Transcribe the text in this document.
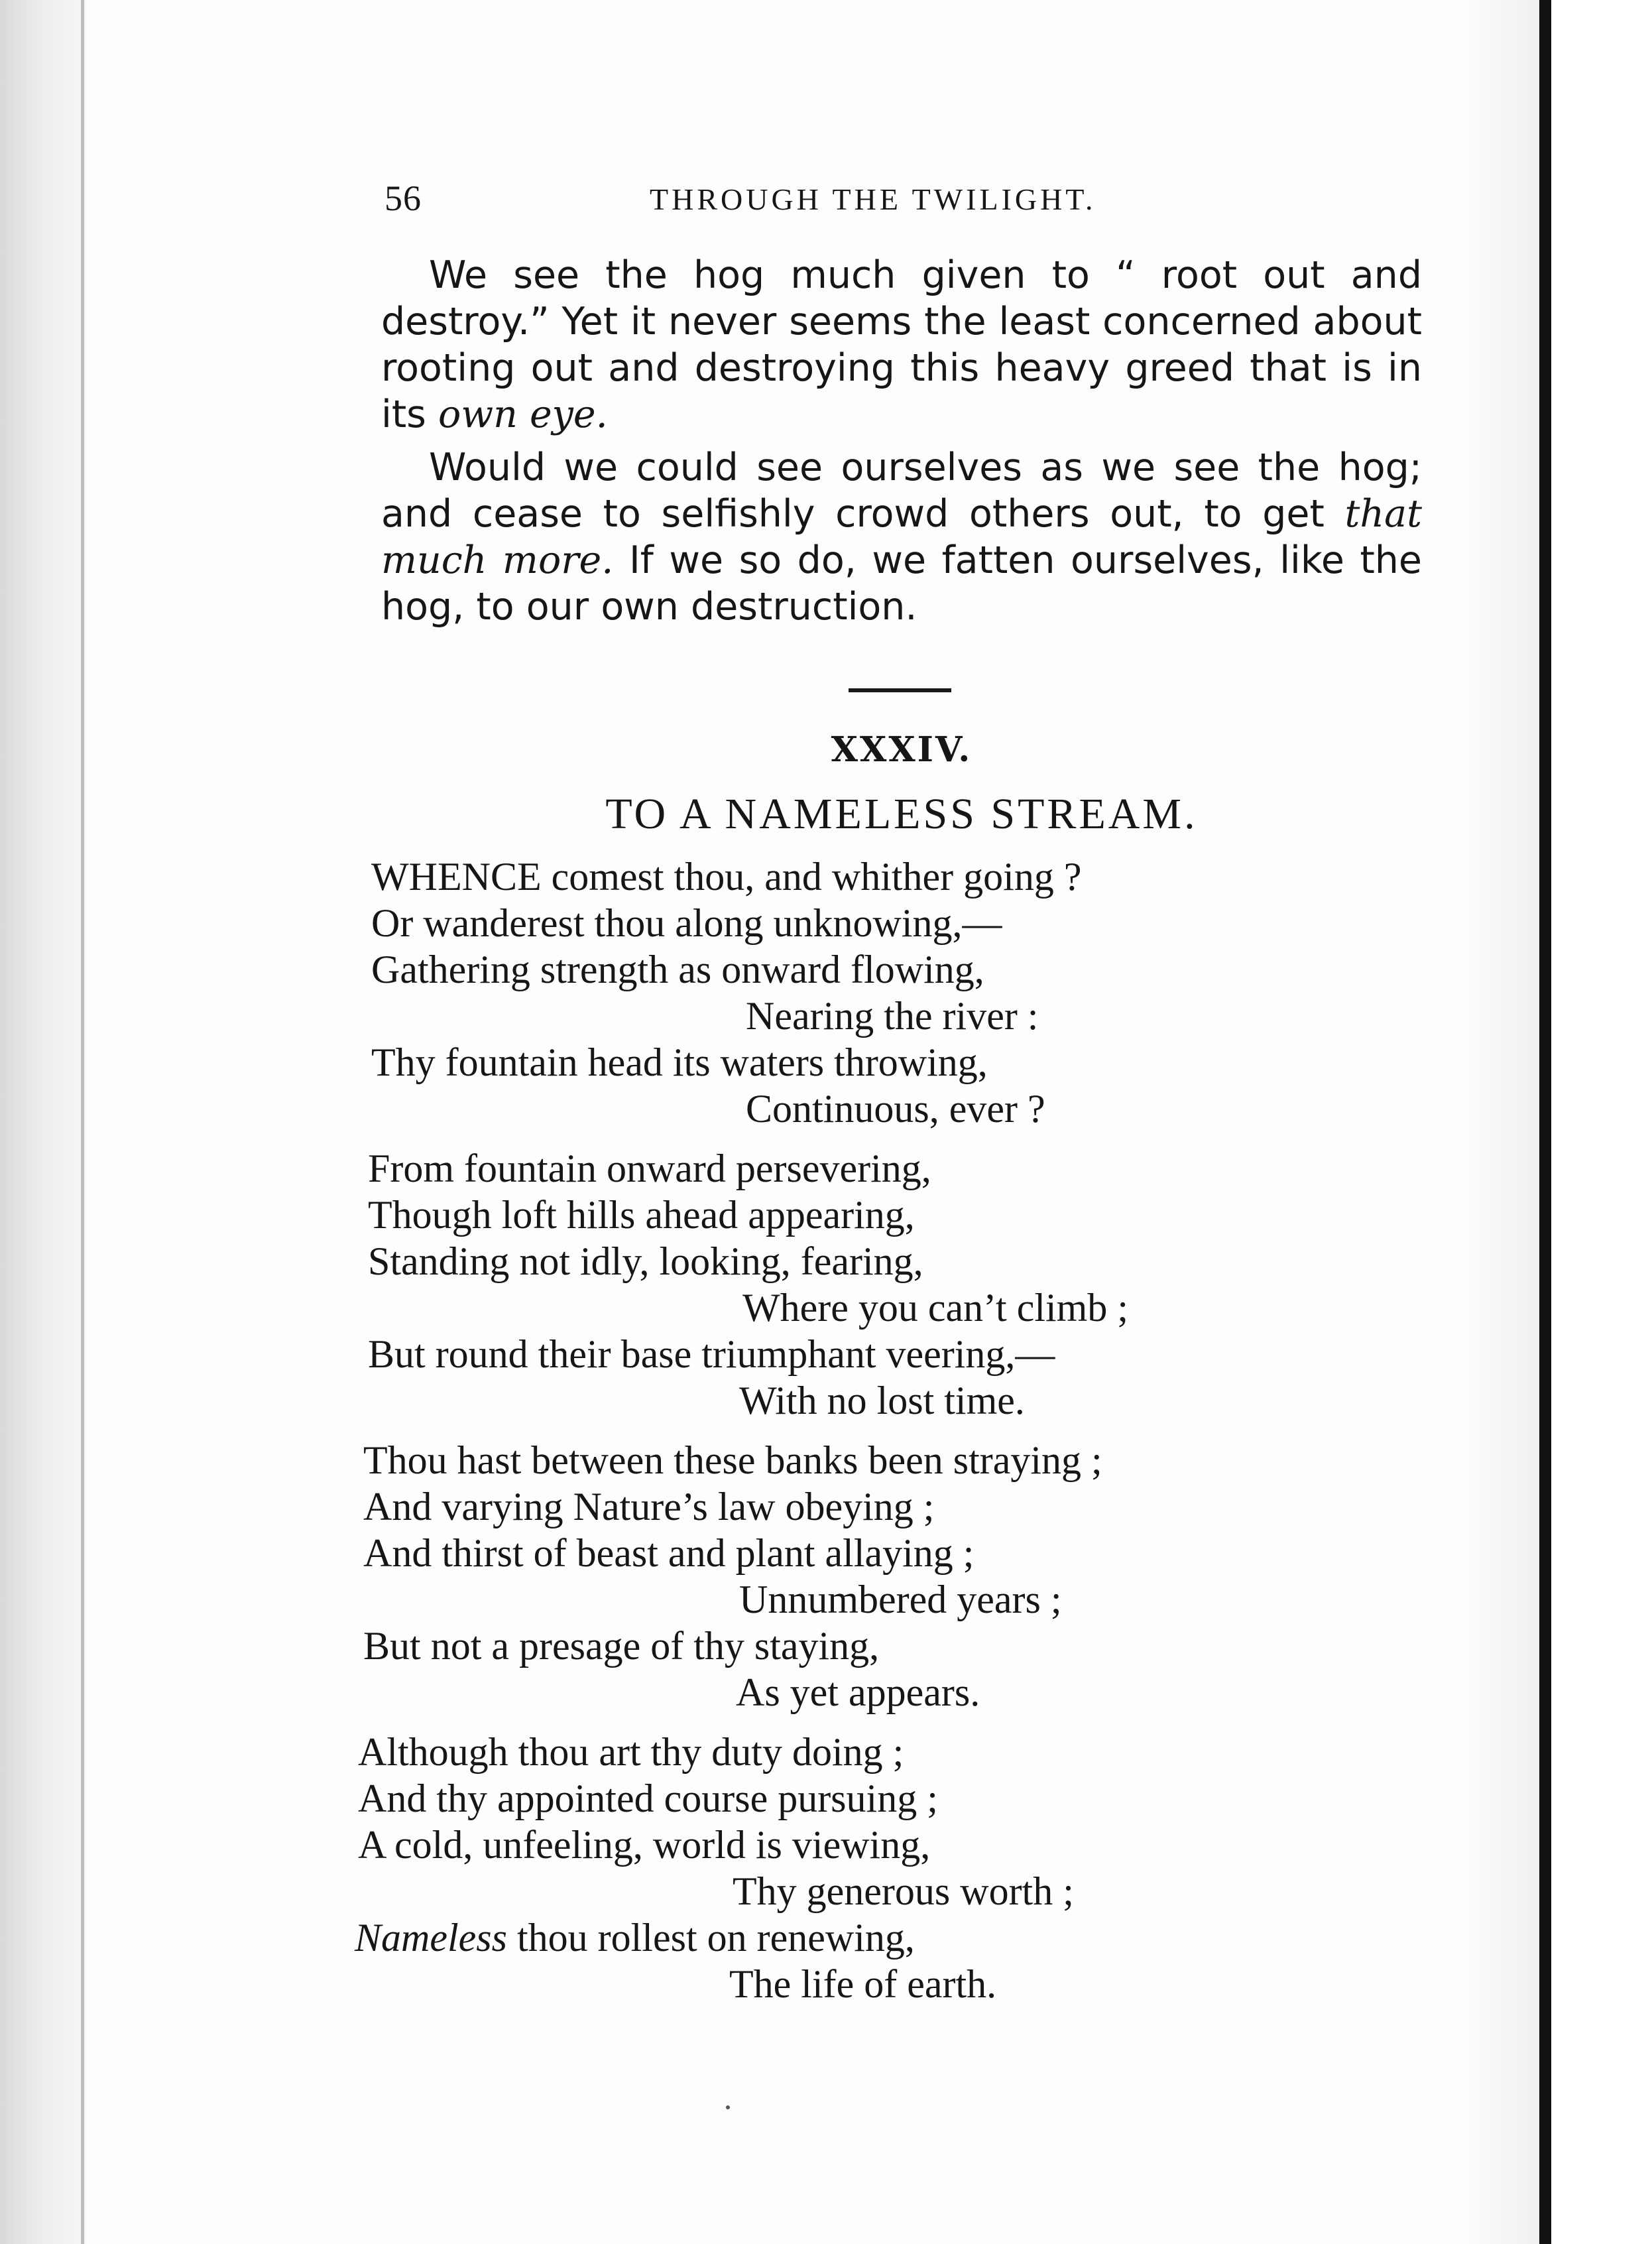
56	THROUGH THE TWILIGHT.

We see the hog much given to “ root out and destroy.” Yet it never seems the least concerned about rooting out and destroying this heavy greed that is in its own eye.

Would we could see ourselves as we see the hog; and cease to selfishly crowd others out, to get that much more. If we so do, we fatten ourselves, like the hog, to our own destruction.

XXXIV.
TO A NAMELESS STREAM.
WHENCE comest thou, and whither going ?
Or wanderest thou along unknowing,—
Gathering strength as onward flowing,
Nearing the river :
Thy fountain head its waters throwing,
Continuous, ever ?
From fountain onward persevering,
Though loft hills ahead appearing,
Standing not idly, looking, fearing,
Where you can’t climb ;
But round their base triumphant veering,—
With no lost time.
Thou hast between these banks been straying ;
And varying Nature’s law obeying ;
And thirst of beast and plant allaying ;
Unnumbered years ;
But not a presage of thy staying,
As yet appears.
Although thou art thy duty doing ;
And thy appointed course pursuing ;
A cold, unfeeling, world is viewing,
Thy generous worth ;
Nameless thou rollest on renewing,
The life of earth.
